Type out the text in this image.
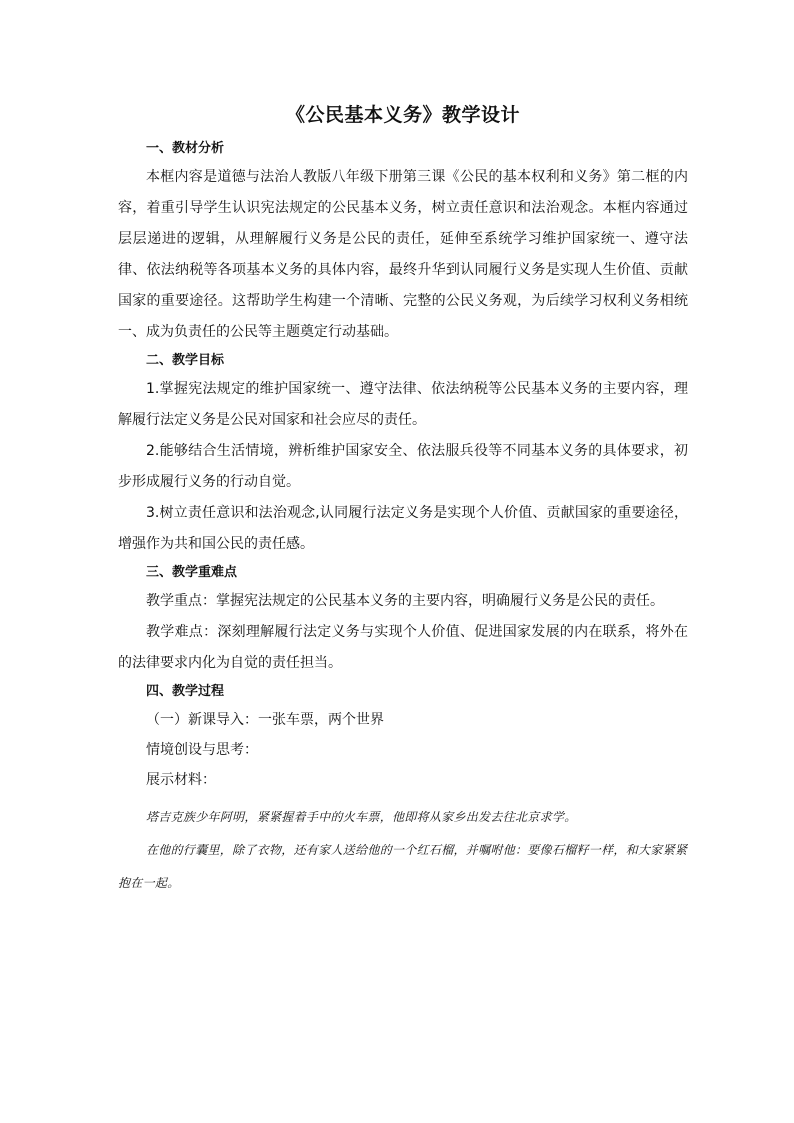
《公民基本义务》教学设计
一、教材分析

本框内容是道德与法治人教版八年级下册第三课《公民的基本权利和义务》第二框的内容，着重引导学生认识宪法规定的公民基本义务，树立责任意识和法治观念。本框内容通过层层递进的逻辑，从理解履行义务是公民的责任，延伸至系统学习维护国家统一、遵守法律、依法纳税等各项基本义务的具体内容，最终升华到认同履行义务是实现人生价值、贡献国家的重要途径。这帮助学生构建一个清晰、完整的公民义务观，为后续学习权利义务相统一、成为负责任的公民等主题奠定行动基础。

二、教学目标

1.掌握宪法规定的维护国家统一、遵守法律、依法纳税等公民基本义务的主要内容，理解履行法定义务是公民对国家和社会应尽的责任。

2.能够结合生活情境，辨析维护国家安全、依法服兵役等不同基本义务的具体要求，初步形成履行义务的行动自觉。

3.树立责任意识和法治观念,认同履行法定义务是实现个人价值、贡献国家的重要途径，增强作为共和国公民的责任感。

三、教学重难点

教学重点：掌握宪法规定的公民基本义务的主要内容，明确履行义务是公民的责任。

教学难点：深刻理解履行法定义务与实现个人价值、促进国家发展的内在联系，将外在的法律要求内化为自觉的责任担当。

四、教学过程

（一）新课导入：一张车票，两个世界

情境创设与思考：

展示材料：

塔吉克族少年阿明，紧紧握着手中的火车票，他即将从家乡出发去往北京求学。

在他的行囊里，除了衣物，还有家人送给他的一个红石榴，并嘱咐他：要像石榴籽一样，和大家紧紧抱在一起。
